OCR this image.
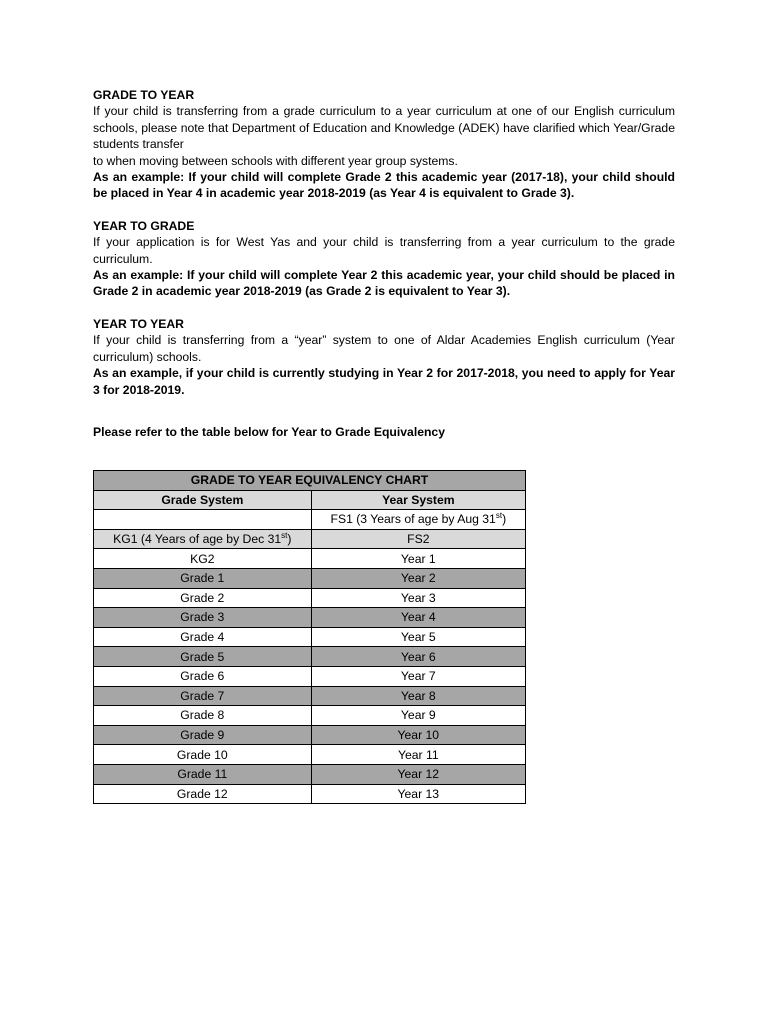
GRADE TO YEAR

If your child is transferring from a grade curriculum to a year curriculum at one of our English curriculum schools, please note that Department of Education and Knowledge (ADEK) have clarified which Year/Grade students transfer

to when moving between schools with different year group systems.

As an example: If your child will complete Grade 2 this academic year (2017-18), your child should be placed in Year 4 in academic year 2018-2019 (as Year 4 is equivalent to Grade 3).

YEAR TO GRADE

If your application is for West Yas and your child is transferring from a year curriculum to the grade curriculum.

As an example: If your child will complete Year 2 this academic year, your child should be placed in Grade 2 in academic year 2018-2019 (as Grade 2 is equivalent to Year 3).

YEAR TO YEAR

If your child is transferring from a “year” system to one of Aldar Academies English curriculum (Year curriculum) schools.

As an example, if your child is currently studying in Year 2 for 2017-2018, you need to apply for Year 3 for 2018-2019.

Please refer to the table below for Year to Grade Equivalency

GRADE TO YEAR EQUIVALENCY CHART	
Grade System	Year System
	FS1 (3 Years of age by Aug 31st)
KG1 (4 Years of age by Dec 31st)	FS2
KG2	Year 1
Grade 1	Year 2
Grade 2	Year 3
Grade 3	Year 4
Grade 4	Year 5
Grade 5	Year 6
Grade 6	Year 7
Grade 7	Year 8
Grade 8	Year 9
Grade 9	Year 10
Grade 10	Year 11
Grade 11	Year 12
Grade 12	Year 13
